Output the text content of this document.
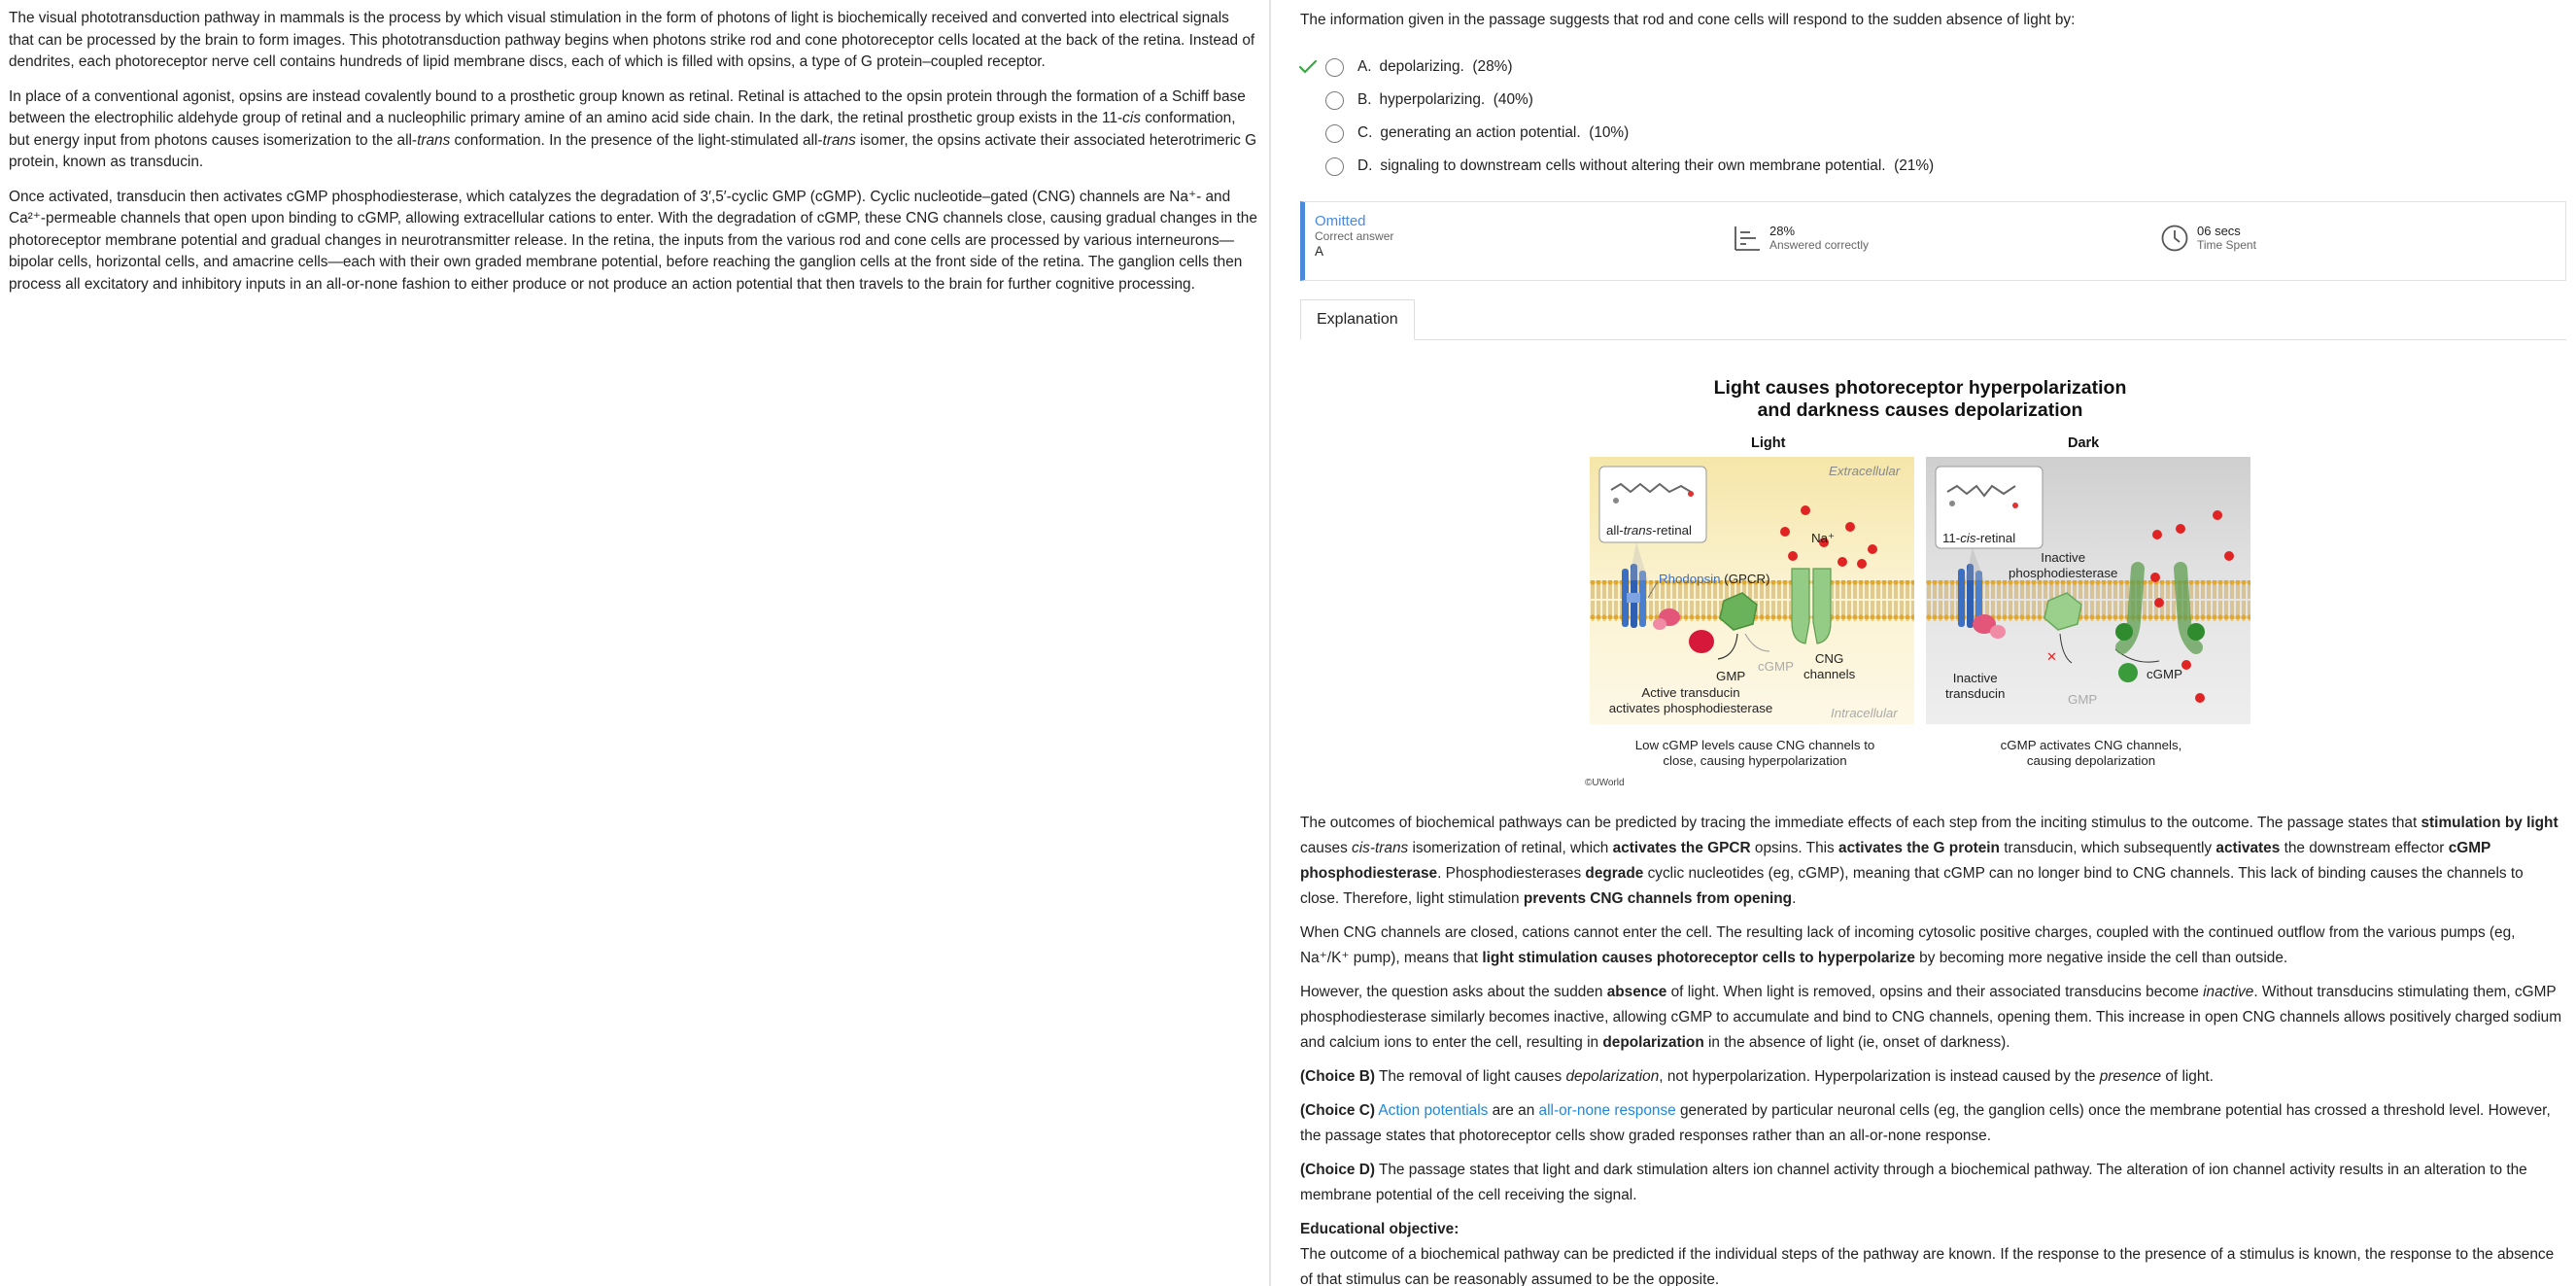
The visual phototransduction pathway in mammals is the process by which visual stimulation in the form of photons of light is biochemically received and converted into electrical signals that can be processed by the brain to form images. This phototransduction pathway begins when photons strike rod and cone photoreceptor cells located at the back of the retina. Instead of dendrites, each photoreceptor nerve cell contains hundreds of lipid membrane discs, each of which is filled with opsins, a type of G protein–coupled receptor.

In place of a conventional agonist, opsins are instead covalently bound to a prosthetic group known as retinal. Retinal is attached to the opsin protein through the formation of a Schiff base between the electrophilic aldehyde group of retinal and a nucleophilic primary amine of an amino acid side chain. In the dark, the retinal prosthetic group exists in the 11-cis conformation, but energy input from photons causes isomerization to the all-trans conformation. In the presence of the light-stimulated all-trans isomer, the opsins activate their associated heterotrimeric G protein, known as transducin.

Once activated, transducin then activates cGMP phosphodiesterase, which catalyzes the degradation of 3′,5′-cyclic GMP (cGMP). Cyclic nucleotide–gated (CNG) channels are Na⁺- and Ca²⁺-permeable channels that open upon binding to cGMP, allowing extracellular cations to enter. With the degradation of cGMP, these CNG channels close, causing gradual changes in the photoreceptor membrane potential and gradual changes in neurotransmitter release. In the retina, the inputs from the various rod and cone cells are processed by various interneurons—bipolar cells, horizontal cells, and amacrine cells—each with their own graded membrane potential, before reaching the ganglion cells at the front side of the retina. The ganglion cells then process all excitatory and inhibitory inputs in an all-or-none fashion to either produce or not produce an action potential that then travels to the brain for further cognitive processing.

The information given in the passage suggests that rod and cone cells will respond to the sudden absence of light by:
A. depolarizing.
(28%)
B. hyperpolarizing.
(40%)
C. generating an action potential.
(10%)
D. signaling to downstream cells without altering their own membrane potential.
(21%)
Omitted
Correct answer
A
28%
Answered correctly
06 secs
Time Spent
Explanation
Light causes photoreceptor hyperpolarization
and darkness causes depolarization
Light	Dark
✕
Extracellular
Intracellular
all-trans-retinal
Rhodopsin (GPCR)
Na⁺
CNG
channels
GMP
cGMP
Active transducin
activates phosphodiesterase
11-cis-retinal
Inactive
phosphodiesterase
Inactive
transducin	GMP
cGMP
Low cGMP levels cause CNG channels to
close, causing hyperpolarization
cGMP activates CNG channels,
causing depolarization
©UWorld

The outcomes of biochemical pathways can be predicted by tracing the immediate effects of each step from the inciting stimulus to the outcome. The passage states that stimulation by light causes cis-trans isomerization of retinal, which activates the GPCR opsins. This activates the G protein transducin, which subsequently activates the downstream effector cGMP phosphodiesterase. Phosphodiesterases degrade cyclic nucleotides (eg, cGMP), meaning that cGMP can no longer bind to CNG channels. This lack of binding causes the channels to close. Therefore, light stimulation prevents CNG channels from opening.

When CNG channels are closed, cations cannot enter the cell. The resulting lack of incoming cytosolic positive charges, coupled with the continued outflow from the various pumps (eg, Na⁺/K⁺ pump), means that light stimulation causes photoreceptor cells to hyperpolarize by becoming more negative inside the cell than outside.

However, the question asks about the sudden absence of light. When light is removed, opsins and their associated transducins become inactive. Without transducins stimulating them, cGMP phosphodiesterase similarly becomes inactive, allowing cGMP to accumulate and bind to CNG channels, opening them. This increase in open CNG channels allows positively charged sodium and calcium ions to enter the cell, resulting in depolarization in the absence of light (ie, onset of darkness).

(Choice B) The removal of light causes depolarization, not hyperpolarization. Hyperpolarization is instead caused by the presence of light.

(Choice C) Action potentials are an all-or-none response generated by particular neuronal cells (eg, the ganglion cells) once the membrane potential has crossed a threshold level. However, the passage states that photoreceptor cells show graded responses rather than an all-or-none response.

(Choice D) The passage states that light and dark stimulation alters ion channel activity through a biochemical pathway. The alteration of ion channel activity results in an alteration to the membrane potential of the cell receiving the signal.

Educational objective:

The outcome of a biochemical pathway can be predicted if the individual steps of the pathway are known. If the response to the presence of a stimulus is known, the response to the absence of that stimulus can be reasonably assumed to be the opposite.
